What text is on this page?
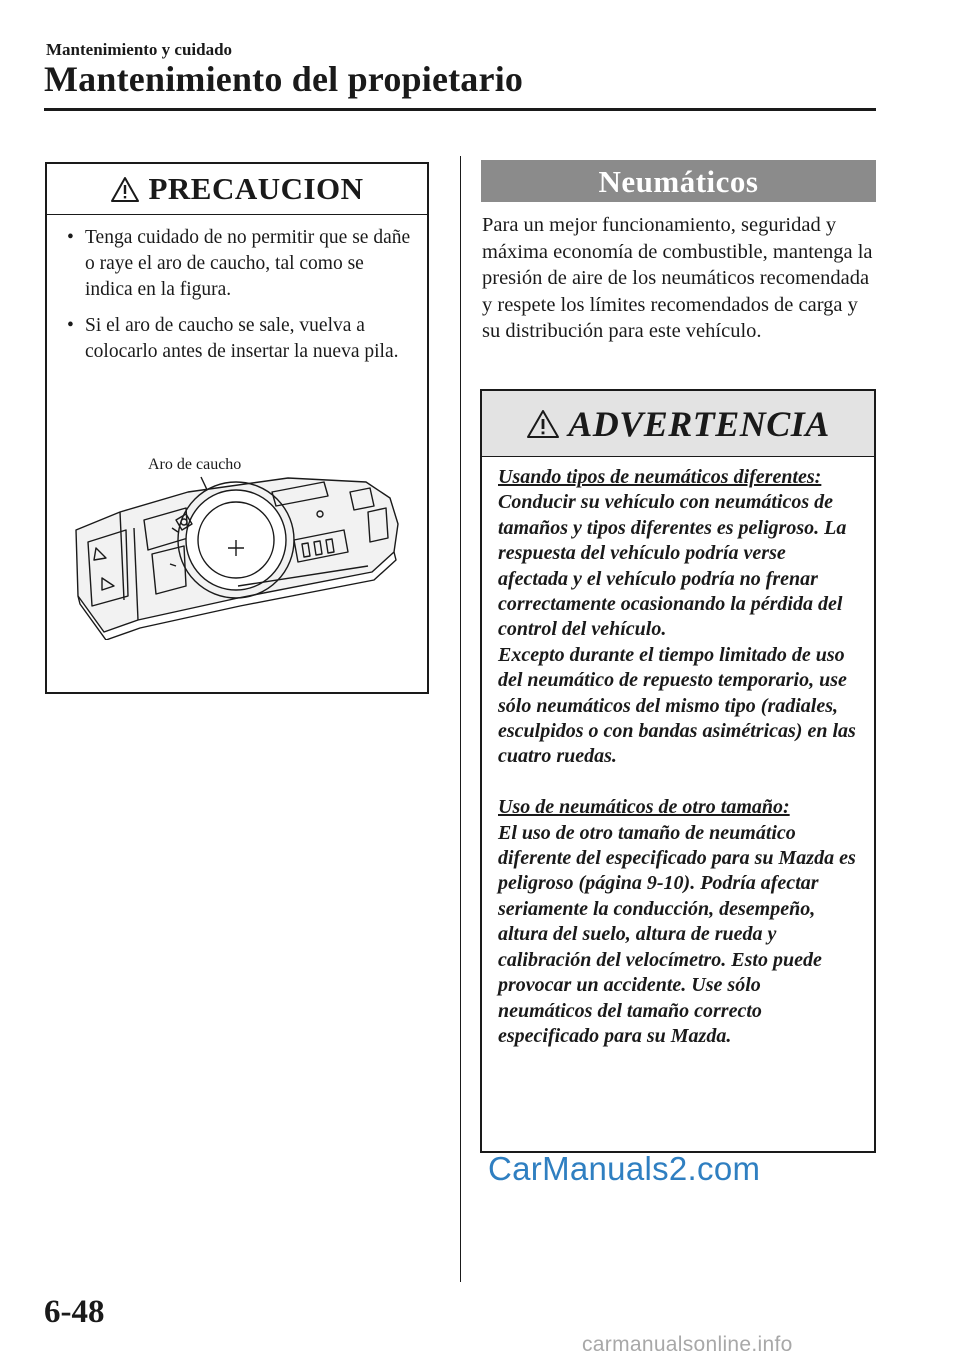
Mantenimiento y cuidado
Mantenimiento del propietario
PRECAUCION
• Tenga cuidado de no permitir que se dañe o raye el aro de caucho, tal como se indica en la figura.
• Si el aro de caucho se sale, vuelva a colocarlo antes de insertar la nueva pila.
Aro de caucho
Neumáticos

Para un mejor funcionamiento, seguridad y máxima economía de combustible, mantenga la presión de aire de los neumáticos recomendada y respete los límites recomendados de carga y su distribución para este vehículo.

ADVERTENCIA

Usando tipos de neumáticos diferentes:

Conducir su vehículo con neumáticos de tamaños y tipos diferentes es peligroso. La respuesta del vehículo podría verse afectada y el vehículo podría no frenar correctamente ocasionando la pérdida del control del vehículo.

Excepto durante el tiempo limitado de uso del neumático de repuesto temporario, use sólo neumáticos del mismo tipo (radiales, esculpidos o con bandas asimétricas) en las cuatro ruedas.

Uso de neumáticos de otro tamaño:

El uso de otro tamaño de neumático diferente del especificado para su Mazda es peligroso (página 9-10). Podría afectar seriamente la conducción, desempeño, altura del suelo, altura de rueda y calibración del velocímetro. Esto puede provocar un accidente. Use sólo neumáticos del tamaño correcto especificado para su Mazda.

CarManuals2.com
6-48
carmanualsonline.info
